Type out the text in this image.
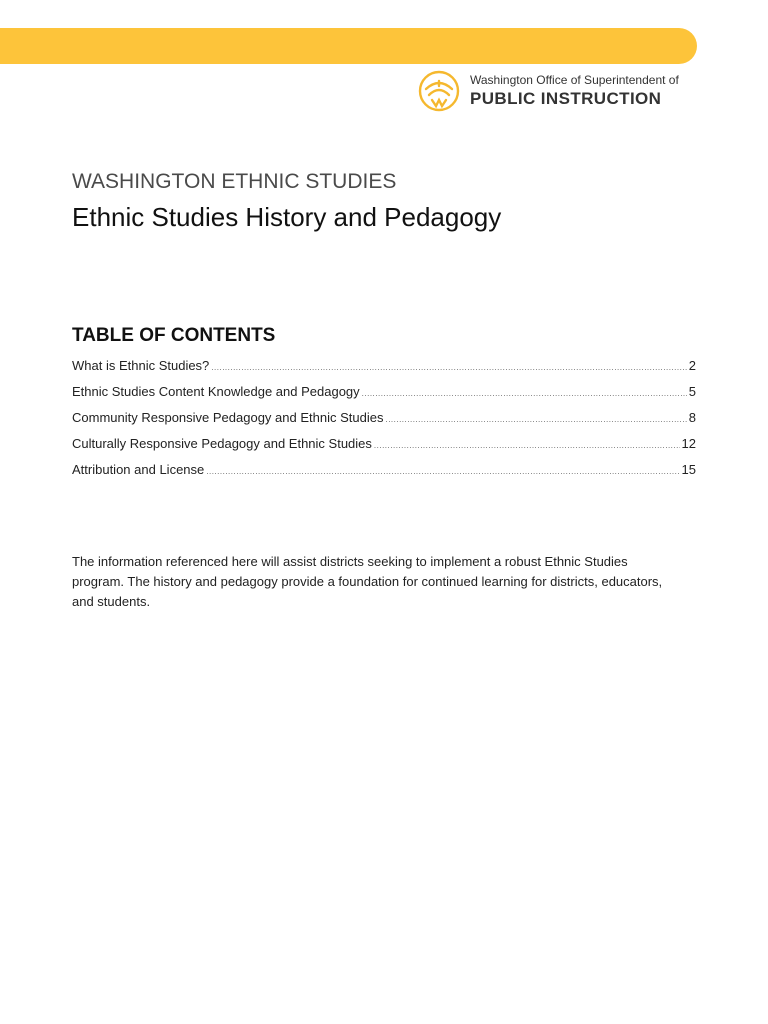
Washington Office of Superintendent of
PUBLIC INSTRUCTION
WASHINGTON ETHNIC STUDIES
Ethnic Studies History and Pedagogy
TABLE OF CONTENTS
What is Ethnic Studies? .....	2
Ethnic Studies Content Knowledge and Pedagogy .....	5
Community Responsive Pedagogy and Ethnic Studies .....	8
Culturally Responsive Pedagogy and Ethnic Studies .....	12
Attribution and License .....	15

The information referenced here will assist districts seeking to implement a robust Ethnic Studies program. The history and pedagogy provide a foundation for continued learning for districts, educators, and students.
